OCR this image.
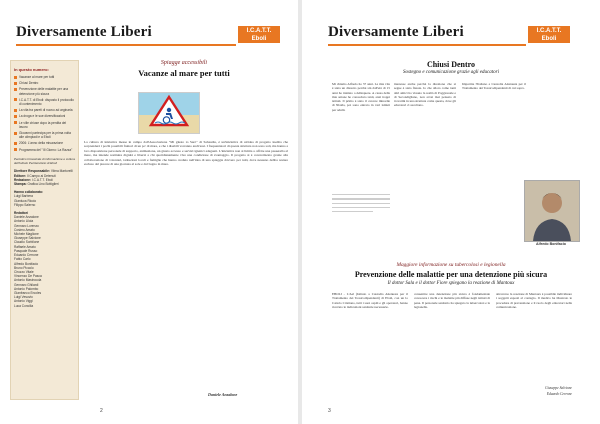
Diversamente Liberi	I.C.A.T.T.
Eboli
In questo numero:
Vacanze al mare per tutti
Chiusi Dentro
Prevenzione delle malattie per una detenzione più sicura
I.C.A.T.T. di Eboli: disposto il protocollo di contenimento
La vita tra pareti di nuovo ad arginarla
La droga e le sue diversificazioni
Le ville chiuse dopo la perdita del lavoro
Giovanni partecipa per la prima volta alle olimpiadi e a Eboli
2006: L'anno della misurazione
Programma del "III Giorno: La Razza"
Periodico trimestrale di informazione e cultura dell'Istituto Penitenziario di Eboli
Direttore Responsabile: Vilma Martorelli
Editore: Il Campo ai Detenuti
Redazione: I.C.A.T.T. Eboli
Stampa: Grafica Lino Bottiglieri
Hanno collaborato:
Luigi Barbera
Gianluca Riccio
Filippo Salerno
Redattori
Daniele Anzalone
Antonio Liloia
Gennaro Lorenzo
Cosimo Amato
Michele Maglione
Giuseppe Salvione
Claudio Sorbilone
Raffaele Amato
Pasquale Russo
Eduardo Cerrone
Fabio Carlo
Alfredo Bonifacio
Bruno Piccolo
Ciruzzo Vitale
Vincenzo De Pasca
Antonio Mastrocola
Gennaro Ghilardi
Antonio Palombo
Gianfranco Ercoles
Luigi Vesuvio
Antonio Viggi
Luca Concilia
Spiagge accessibili
Vacanze al mare per tutti
La cultura di iniziative messe in campo dall'Associazione "Mi giusto io Sarò" di Sabaudia, è un'iniziativa di un'idea di progetto inedita che sorprenderà i pochi possibili fruitori di un po' di mare, e che i disabili vorranno anch'essi. I frequentatori di questa struttura non sono soli, ma hanno a loro disposizione personale di supporto, animazione, un giusto accesso e servizi igienici adeguati. L'iniziativa non si limita a offrire una passerella al mare, ma intende restituire dignità e libertà a chi quotidianamente vive una condizione di svantaggio. Il progetto si è concretizzato grazie alla collaborazione di volontari, istituzioni locali e famiglie che hanno creduto nell'idea di una spiaggia davvero per tutti, dove nessuno debba restare escluso dal piacere di una giornata al sole e dal bagno in mare.
Daniele Anzalone
2
Diversamente Liberi	I.C.A.T.T.
Eboli
Chiusi Dentro
Sostegno e comunicazione grazie agli educatori
Mi chiamo Alfredo ho 37 anni. La mia vita è stata un disastro perché sin dall'età di 15 anni ho iniziato a delinquere. A causa della mia azione ho conosciuto tanti, anzi troppi istituti. Il primo è stato il carcere minorile di Nisida, poi sono entrato in vari istituti per adulti.
interesse anche perché la direzione che si segue è stata fissata. Io che allora come tanti altri amici ho vissuto la realtà di Poggioreale e di Secondigliano, non avrei mai pensato di trovarmi in una struttura come questa, dove gli educatori ci ascoltano.
Impartire l'Italiano a Custodia Attenuata per il Trattamento dei Tossicodipendenti di cui sopra.
Alfredo Bonifacio
Maggiore informazione su tubercolosi e legionella
Prevenzione delle malattie per una detenzione più sicura
Il dottor Sala e il dottor Fiore spiegano la reazione di Mantoux
EBOLI - L'Asl (Istituto a Custodia Attenuata per il Trattamento dei Tossicodipendenti) di Eboli, con un lo Cattolo Cristiano, tutti i suoi ospiti e gli operatori, hanno ricevuto le indicazioni sanitarie necessarie.
consentire una detenzione più sicura è fondamentale conoscere i rischi e le malattie più diffuse negli istituti di pena. Il personale sanitario ha spiegato la tubercolosi e la legionella.
attraverso la reazione di Mantoux è possibile individuare i soggetti esposti al contagio. Il medico ha illustrato le procedure di prevenzione e il ruolo degli educatori nella comunicazione.
Giuseppe Salvione
Eduardo Cerrone
3
